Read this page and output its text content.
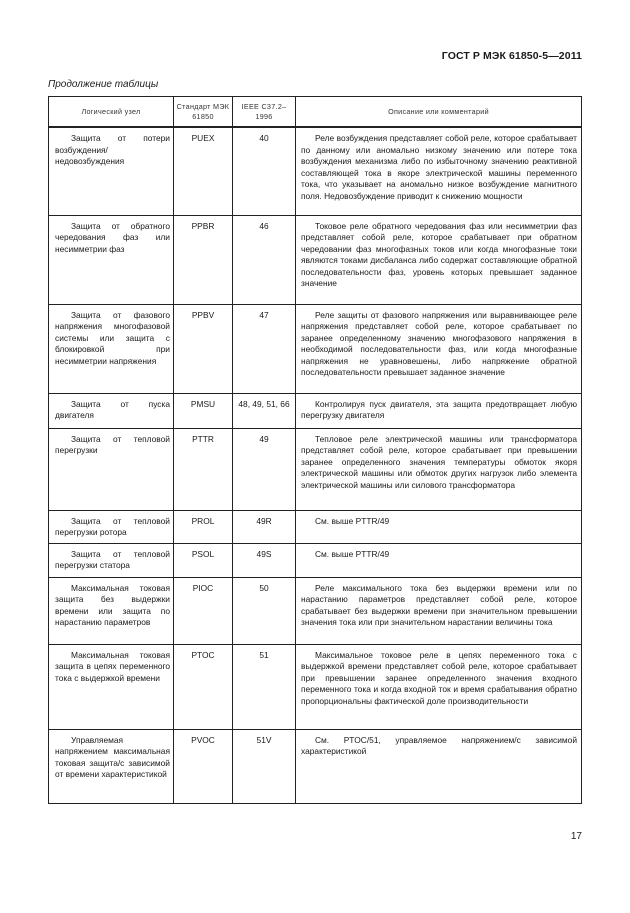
ГОСТ Р МЭК 61850-5—2011
Продолжение таблицы
Логический узел	Стандарт МЭК 61850	IEEE С37.2–1996	Описание или комментарий

Защита от потери возбуждения/недовозбуждения	PUEX	40	Реле возбуждения представляет собой реле, которое срабатывает по данному или аномально низкому значению или потере тока возбуждения механизма либо по избыточному значению реактивной составляющей тока в якоре электрической машины переменного тока, что указывает на аномально низкое возбуждение магнитного поля. Недовозбуждение приводит к снижению мощности

Защита от обратного чередования фаз или несимметрии фаз	PPBR	46	Токовое реле обратного чередования фаз или несимметрии фаз представляет собой реле, которое срабатывает при обратном чередовании фаз многофазных токов или когда многофазные токи являются токами дисбаланса либо содержат составляющие обратной последовательности фаз, уровень которых превышает заданное значение

Защита от фазового напряжения многофазовой системы или защита с блокировкой при несимметрии напряжения	PPBV	47	Реле защиты от фазового напряжения или выравнивающее реле напряжения представляет собой реле, которое срабатывает по заранее определенному значению многофазового напряжения в необходимой последовательности фаз, или когда многофазные напряжения не уравновешены, либо напряжение обратной последовательности превышает заданное значение

Защита от пуска двигателя	PMSU	48, 49, 51, 66	Контролируя пуск двигателя, эта защита предотвращает любую перегрузку двигателя

Защита от тепловой перегрузки	PTTR	49	Тепловое реле электрической машины или трансформатора представляет собой реле, которое срабатывает при превышении заранее определенного значения температуры обмоток якоря электрической машины или обмоток других нагрузок либо элемента электрической машины или силового трансформатора

Защита от тепловой перегрузки ротора	PROL	49R	См. выше PTTR/49

Защита от тепловой перегрузки статора	PSOL	49S	См. выше PTTR/49

Максимальная токовая защита без выдержки времени или защита по нарастанию параметров	PIOC	50	Реле максимального тока без выдержки времени или по нарастанию параметров представляет собой реле, которое срабатывает без выдержки времени при значительном превышении значения тока или при значительном нарастании величины тока

Максимальная токовая защита в цепях переменного тока с выдержкой времени	PTOC	51	Максимальное токовое реле в цепях переменного тока с выдержкой времени представляет собой реле, которое срабатывает при превышении заранее определенного значения входного переменного тока и когда входной ток и время срабатывания обратно пропорциональны фактической доле производительности

Управляемая напряжением максимальная токовая защита/с зависимой от времени характеристикой	PVOC	51V	См. PTOC/51, управляемое напряжением/с зависимой характеристикой
17
